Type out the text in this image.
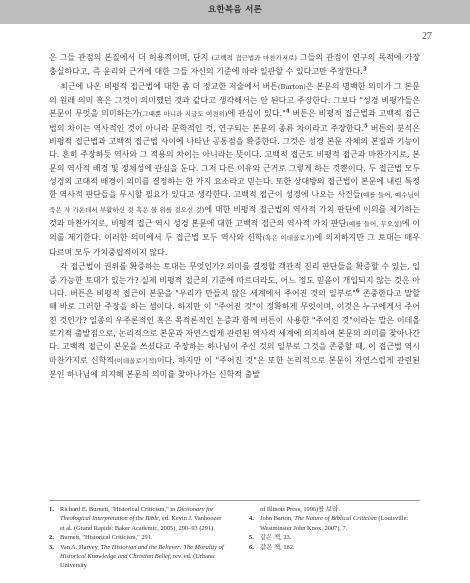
요한복음 서론
27

은 그들 관점의 본질에서 더 허용적이며, 단지 (고백적 접근법과 마찬가지로) 그들의 관점이 연구의 목적에 가장 충실하다고, 즉 윤리와 근거에 대한 그들 자신의 기준에 따라 일관할 수 있다고만 주장한다.$^3$

최근에 나온 비평적 접근법에 대한 좀 더 정교한 저술에서 버튼(Burton)은 본문의 명백한 의미가 그 본문의 원래 의미 혹은 그것이 의미했던 것과 같다고 생각해서는 안 된다고 주장한다. 그보다 "성경 비평가들은 본문이 무엇을 의미하는가(그때뿐 아니라 지금도 여전히)에 관심이 있다."$^4$ 버튼은 비평적 접근법과 고백적 접근법의 차이는 역사적인 것이 아니라 문학적인 것, 연구되는 본문의 종류 차이라고 주장한다.$^5$ 버튼의 분석은 비평적 접근법과 고백적 접근법 사이에 나타난 공통점을 확증한다. 그것은 성경 본문 자체의 본질과 기능이다. 흔히 주장하듯 역사와 그 적용의 차이는 아니라는 뜻이다. 고백적 접근도 비평적 접근과 마찬가지로, 본문의 역사적 배경 및 정체성에 관심을 둔다. 그저 다른 이유와 근거로 그렇게 하는 것뿐이다. 두 접근법 모두 성경의 고대적 배경이 의미를 결정하는 한 가지 요소라고 믿는다. 또한 상대방의 접근법이 본문에 내린 특정한 역사적 판단들을 무시할 필요가 있다고 생각한다. 고백적 접근이 성경에 나오는 사건들(예를 들어, 예수님이 죽은 자 가운데서 부활하신 것 혹은 물 위를 걸으신 것)에 대한 비평적 접근법의 역사적 가치 판단에 이의를 제기하는 것과 마찬가지로, 비평적 접근 역시 성경 본문에 대한 고백적 접근의 역사적 가치 판단(예를 들어, 무오성)에 이의를 제기한다. 이러한 의미에서 두 접근법 모두 역사와 신학(혹은 이데올로기)에 의지하지만 그 토대는 매우 다르며 모두 가치중립적이지 않다.

각 접근법이 권위를 확증하는 토대는 무엇인가? 의미를 결정할 객관적 진리 판단들을 확증할 수 있는, 입증 가능한 토대가 있는가? 실제 비평적 접근의 기준에 따르더라도, 어느 정도 믿음이 개입되지 않는 것은 아니다. 버튼은 비평적 접근이 본문을 "우리가 만들지 않은 세계에서 주어진 것의 일부로"$^6$ 존중한다고 말할 때 바로 그러한 주장을 하는 셈이다. 하지만 이 "주어진 것"이 정확하게 무엇이며, 이것은 누구에게서 주어진 것인가? 일종의 우주론적인 혹은 목적론적인 논증과 함께 버튼이 사용한 "주어진 것"이라는 말은 이데올로기적 출발점으로, 논리적으로 본문과 자연스럽게 관련된 역사적 세계에 의지하여 본문의 의미를 찾아나간다. 고백적 접근이 본문을 쓰셨다고 주장하는 하나님이 주신 것의 일부로 그것을 존중할 때, 이 접근법 역시 마찬가지로 신학적(이데올로기적)이다. 하지만 이 "주어진 것"은 또한 논리적으로 본문이 자연스럽게 관련된 분인 하나님에 의지해 본문의 의미를 찾아나가는 신학적 출발

1. Richard E. Burnett, "Historical Criticism," in Dictionary for Theological Interpretation of the Bible, ed. Kevin J. Vanhoozer et al. (Grand Rapids: Baker Academic, 2005), 290–93 (291).

2. Burnett, "Historical Criticism," 291.

3. Van A. Harvey, The Historian and the Believer: The Morality of Historical Knowledge and Christian Belief, rev. ed. (Urbana: University

of Illinois Press, 1996)를 보라.

4. John Barton, The Nature of Biblical Criticism (Louisville: Westminster John Knox, 2007), 7.

5. 같은 책, 23.

6. 같은 책, 182.
